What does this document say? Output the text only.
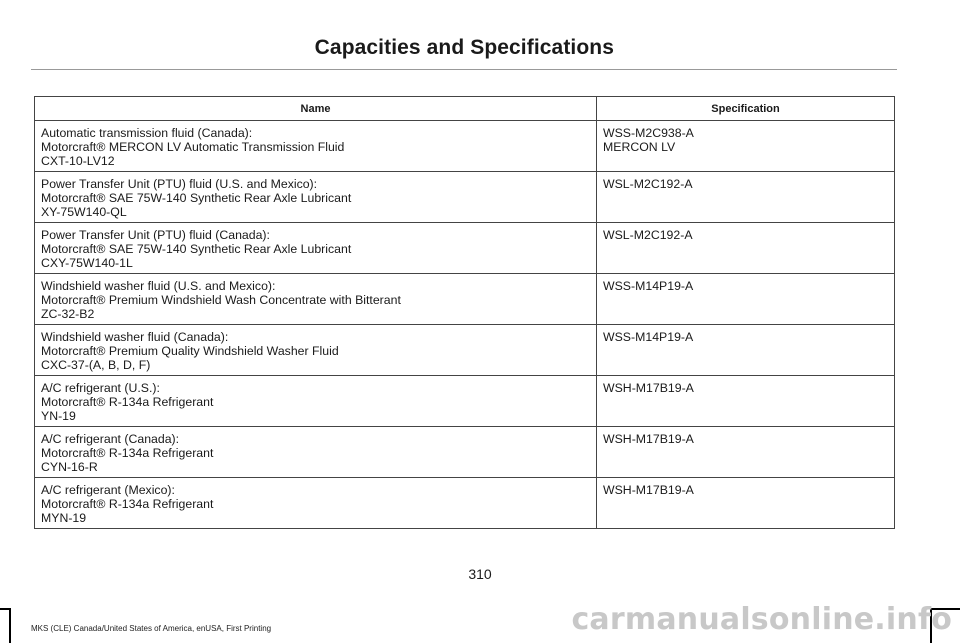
Capacities and Specifications
Name	Specification

Automatic transmission fluid (Canada):
Motorcraft® MERCON LV Automatic Transmission Fluid
CXT-10-LV12	WSS-M2C938-A
MERCON LV

Power Transfer Unit (PTU) fluid (U.S. and Mexico):
Motorcraft® SAE 75W-140 Synthetic Rear Axle Lubricant
XY-75W140-QL	WSL-M2C192-A

Power Transfer Unit (PTU) fluid (Canada):
Motorcraft® SAE 75W-140 Synthetic Rear Axle Lubricant
CXY-75W140-1L	WSL-M2C192-A

Windshield washer fluid (U.S. and Mexico):
Motorcraft® Premium Windshield Wash Concentrate with Bitterant
ZC-32-B2	WSS-M14P19-A

Windshield washer fluid (Canada):
Motorcraft® Premium Quality Windshield Washer Fluid
CXC-37-(A, B, D, F)	WSS-M14P19-A

A/C refrigerant (U.S.):
Motorcraft® R-134a Refrigerant
YN-19	WSH-M17B19-A

A/C refrigerant (Canada):
Motorcraft® R-134a Refrigerant
CYN-16-R	WSH-M17B19-A

A/C refrigerant (Mexico):
Motorcraft® R-134a Refrigerant
MYN-19	WSH-M17B19-A
310
MKS (CLE) Canada/United States of America, enUSA, First Printing	carmanualsonline.info
